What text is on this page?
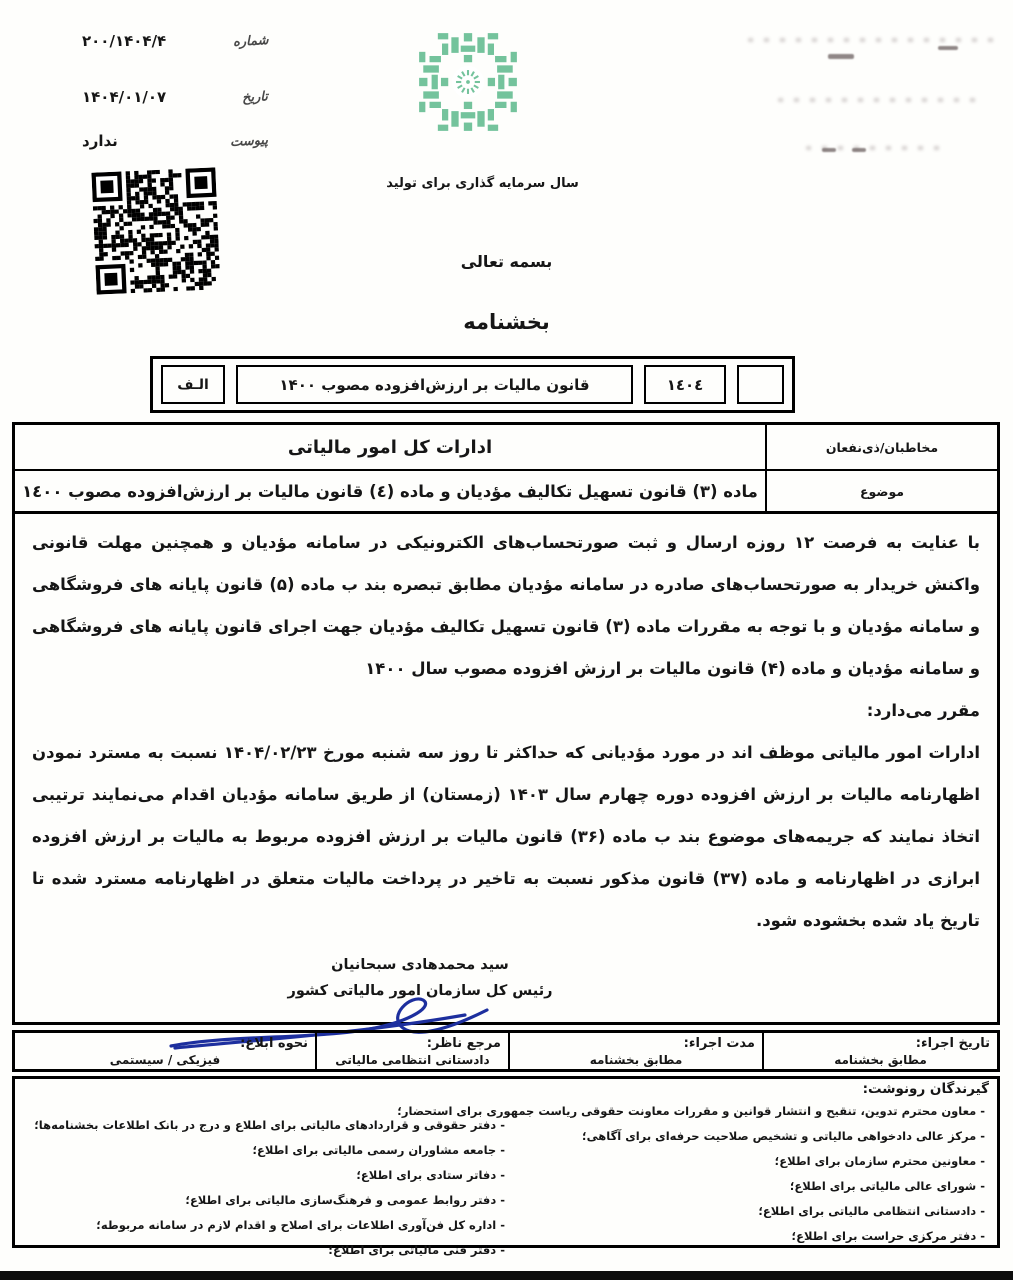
شماره
۲۰۰/۱۴۰۴/۴
تاریخ
۱۴۰۴/۰۱/۰۷
پیوست
ندارد
سال سرمایه گذاری برای تولید
بسمه تعالی
بخشنامه
١٤٠٤
قانون مالیات بر ارزش‌افزوده مصوب ۱۴۰۰
الـف
مخاطبان/ذی‌نفعان
ادارات کل امور مالیاتی
موضوع
ماده (۳) قانون تسهیل تکالیف مؤدیان و ماده (٤) قانون مالیات بر ارزش‌افزوده مصوب ١٤٠٠
با عنایت به فرصت ۱۲ روزه ارسال و ثبت صورتحساب‌های الکترونیکی در سامانه مؤدیان و همچنین مهلت قانونی واکنش خریدار به صورتحساب‌های صادره در سامانه مؤدیان مطابق تبصره بند ب ماده (۵) قانون پایانه های فروشگاهی و سامانه مؤدیان و با توجه به مقررات ماده (۳) قانون تسهیل تکالیف مؤدیان جهت اجرای قانون پایانه های فروشگاهی و سامانه مؤدیان و ماده (۴) قانون مالیات بر ارزش افزوده مصوب سال ۱۴۰۰
مقرر می‌دارد:
ادارات امور مالیاتی موظف اند در مورد مؤدیانی که حداکثر تا روز سه شنبه مورخ ۱۴۰۴/۰۲/۲۳ نسبت به مسترد نمودن اظهارنامه مالیات بر ارزش افزوده دوره چهارم سال ۱۴۰۳ (زمستان) از طریق سامانه مؤدیان اقدام می‌نمایند ترتیبی اتخاذ نمایند که جریمه‌های موضوع بند ب ماده (۳۶) قانون مالیات بر ارزش افزوده مربوط به مالیات بر ارزش افزوده ابرازی در اظهارنامه و ماده (۳۷) قانون مذکور نسبت به تاخیر در پرداخت مالیات متعلق در اظهارنامه مسترد شده تا تاریخ یاد شده بخشوده شود.
سید محمدهادی سبحانیان
رئیس کل سازمان امور مالیاتی کشور
تاریخ اجراء:
مطابق بخشنامه
مدت اجراء:
مطابق بخشنامه
مرجع ناظر:
دادستانی انتظامی مالیاتی
نحوه ابلاغ:
فیزیکی / سیستمی
گیرندگان رونوشت:
- معاون محترم تدوین، تنقیح و انتشار قوانین و مقررات معاونت حقوقی ریاست جمهوری برای استحضار؛
- مرکز عالی دادخواهی مالیاتی و تشخیص صلاحیت حرفه‌ای برای آگاهی؛
- معاونین محترم سازمان برای اطلاع؛
- شورای عالی مالیاتی برای اطلاع؛
- دادستانی انتظامی مالیاتی برای اطلاع؛
- دفتر مرکزی حراست برای اطلاع؛
- دفتر حقوقی و قراردادهای مالیاتی برای اطلاع و درج در بانک اطلاعات بخشنامه‌ها؛
- جامعه مشاوران رسمی مالیاتی برای اطلاع؛
- دفاتر ستادی برای اطلاع؛
- دفتر روابط عمومی و فرهنگ‌سازی مالیاتی برای اطلاع؛
- اداره کل فن‌آوری اطلاعات برای اصلاح و اقدام لازم در سامانه مربوطه؛
- دفتر فنی مالیاتی برای اطلاع؛
